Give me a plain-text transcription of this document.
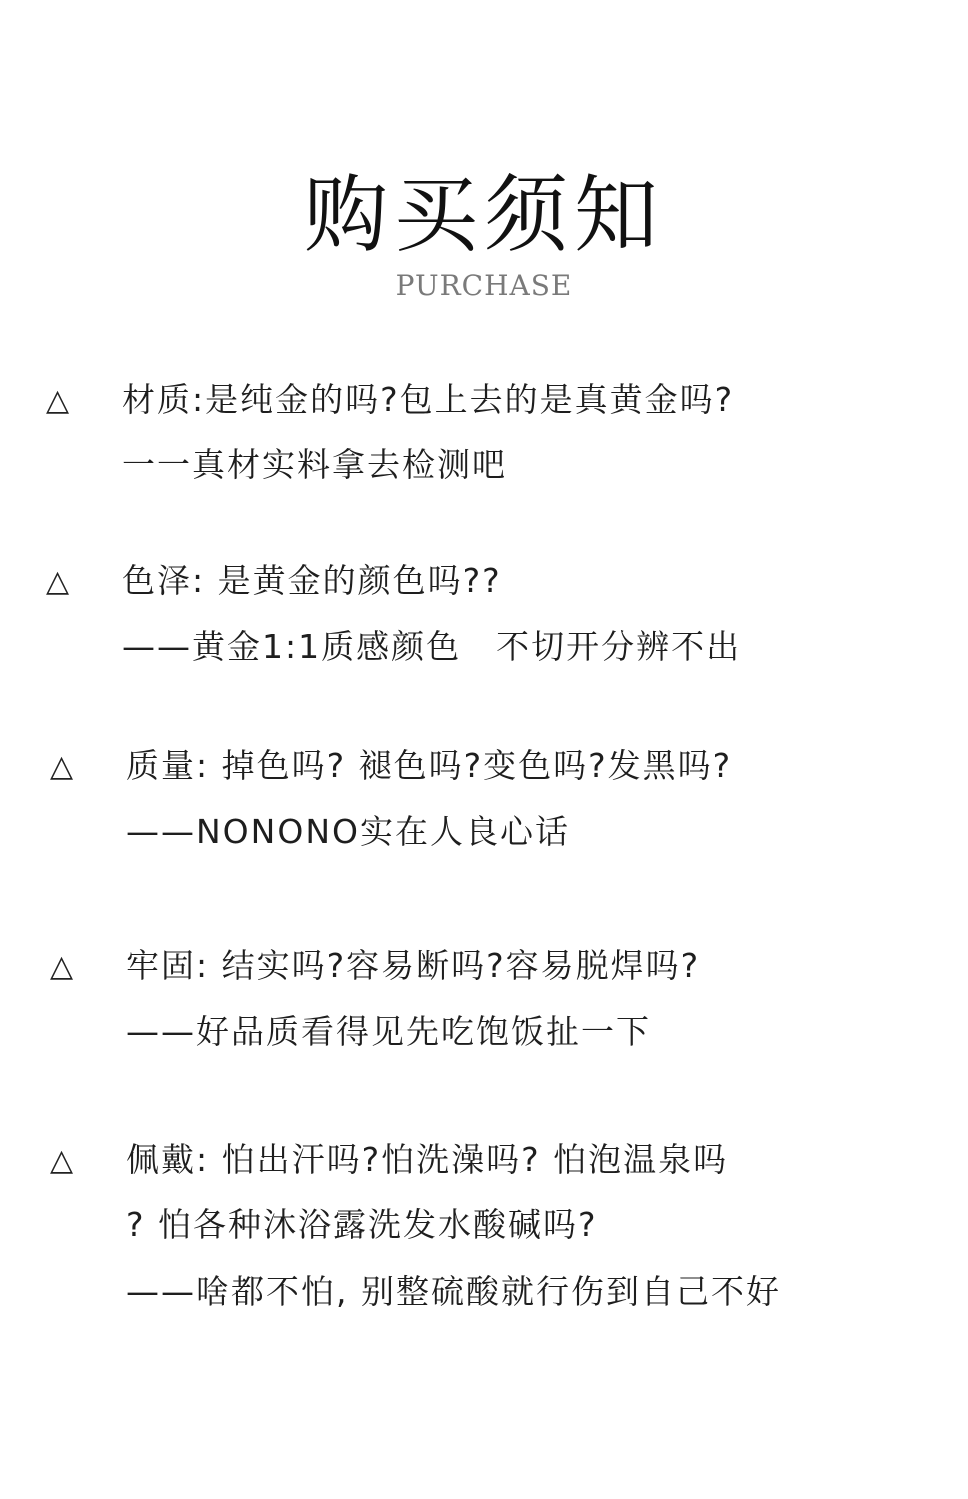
购买须知
PURCHASE
△ 材质:是纯金的吗?包上去的是真黄金吗?
一一真材实料拿去检测吧
△ 色泽: 是黄金的颜色吗??
——黄金1:1质感颜色　不切开分辨不出
△ 质量: 掉色吗? 褪色吗?变色吗?发黑吗?
——NONONO实在人良心话
△ 牢固: 结实吗?容易断吗?容易脱焊吗?
——好品质看得见先吃饱饭扯一下
△ 佩戴: 怕出汗吗?怕洗澡吗? 怕泡温泉吗
? 怕各种沐浴露洗发水酸碱吗?
——啥都不怕, 别整硫酸就行伤到自己不好
